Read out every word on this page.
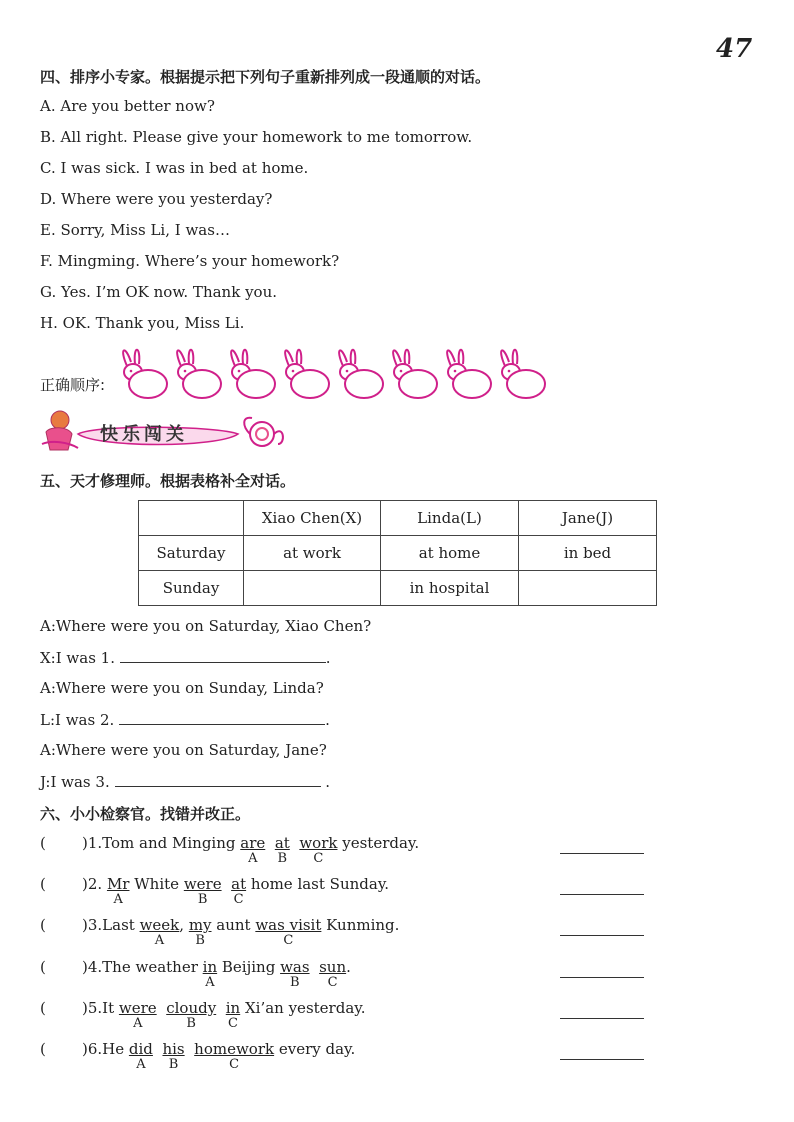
47
四、排序小专家。根据提示把下列句子重新排列成一段通顺的对话。
A. Are you better now?
B. All right. Please give your homework to me tomorrow.
C. I was sick. I was in bed at home.
D. Where were you yesterday?
E. Sorry, Miss Li, I was…
F. Mingming. Where’s your homework?
G. Yes. I’m OK now. Thank you.
H. OK. Thank you, Miss Li.
正确顺序:
快乐闯关
五、天才修理师。根据表格补全对话。
	Xiao Chen(X)	Linda(L)	Jane(J)
Saturday	at work	at home	in bed
Sunday		in hospital	
A:Where were you on Saturday, Xiao Chen?
X:I was 1.	.
A:Where were you on Sunday, Linda?
L:I was 2.	.
A:Where were you on Saturday, Jane?
J:I was 3.	.
六、小小检察官。找错并改正。
( )1.Tom and Minging are
A
at
B
work
C
yesterday.
( )2. Mr
A
White were
B
at
C
home last Sunday.
( )3.Last week
A
, my
B
aunt was visit
C
Kunming.
( )4.The weather in
A
Beijing was
B
sun
C
.
( )5.It were
A
cloudy
B
in
C
Xi’an yesterday.
( )6.He did
A
his
B
homework
C
every day.
